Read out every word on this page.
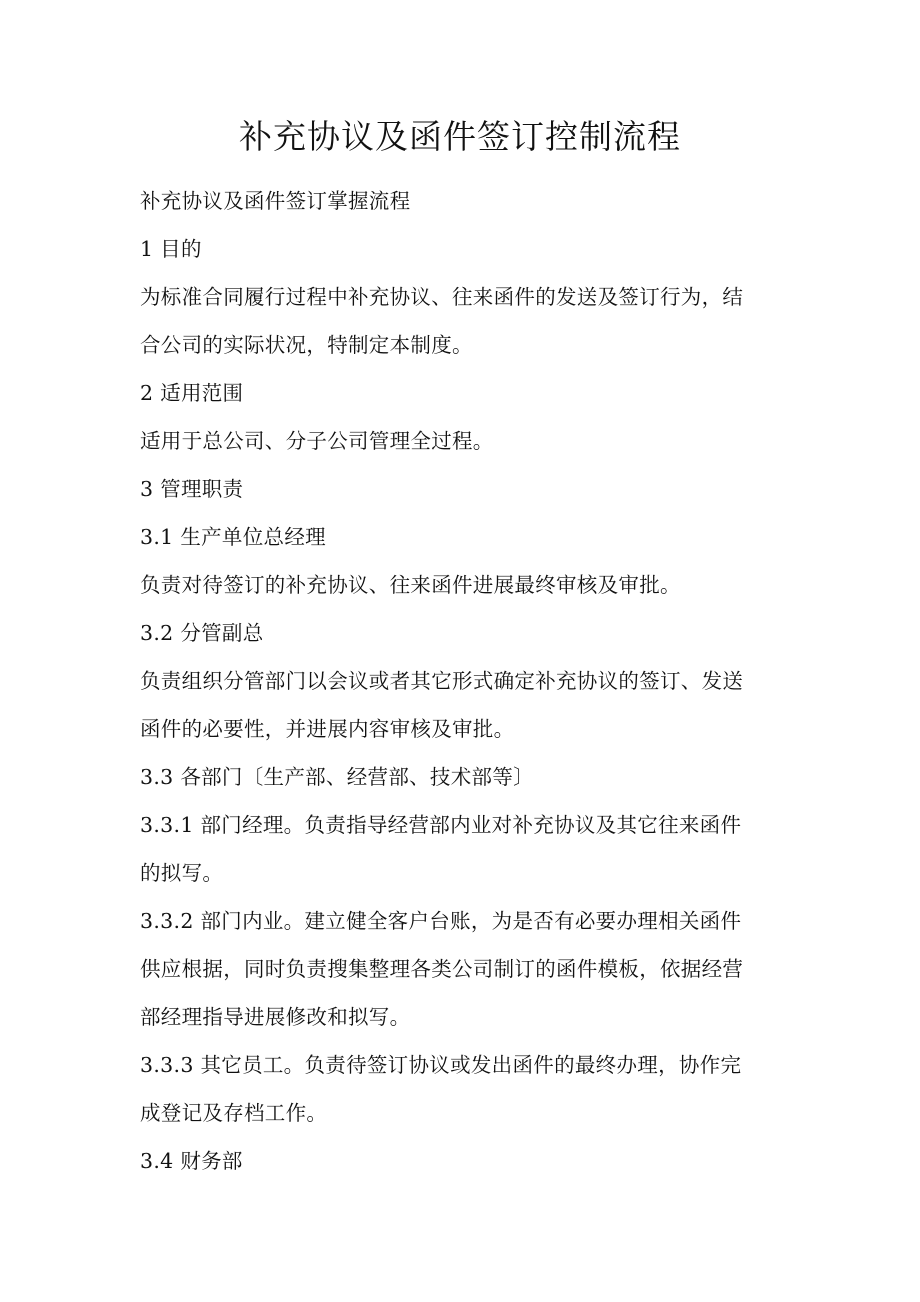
补充协议及函件签订控制流程

补充协议及函件签订掌握流程

1 目的

为标准合同履行过程中补充协议、往来函件的发送及签订行为，结

合公司的实际状况，特制定本制度。

2 适用范围

适用于总公司、分子公司管理全过程。

3 管理职责

3.1 生产单位总经理

负责对待签订的补充协议、往来函件进展最终审核及审批。

3.2 分管副总

负责组织分管部门以会议或者其它形式确定补充协议的签订、发送

函件的必要性，并进展内容审核及审批。

3.3 各部门〔生产部、经营部、技术部等〕

3.3.1 部门经理。负责指导经营部内业对补充协议及其它往来函件

的拟写。

3.3.2 部门内业。建立健全客户台账，为是否有必要办理相关函件

供应根据，同时负责搜集整理各类公司制订的函件模板，依据经营

部经理指导进展修改和拟写。

3.3.3 其它员工。负责待签订协议或发出函件的最终办理，协作完

成登记及存档工作。

3.4 财务部
